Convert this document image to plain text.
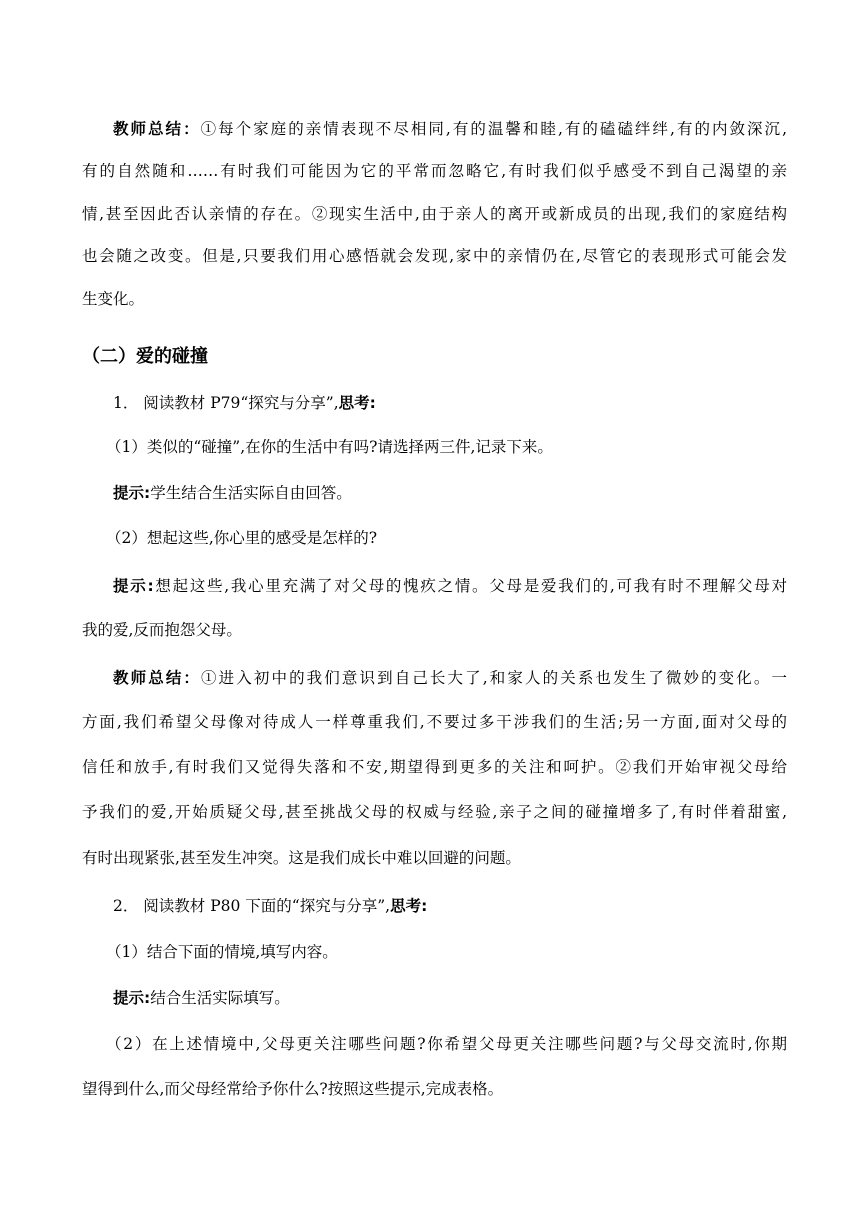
教师总结：①每个家庭的亲情表现不尽相同,有的温馨和睦,有的磕磕绊绊,有的内敛深沉,
有的自然随和……有时我们可能因为它的平常而忽略它,有时我们似乎感受不到自己渴望的亲
情,甚至因此否认亲情的存在。②现实生活中,由于亲人的离开或新成员的出现,我们的家庭结构
也会随之改变。但是,只要我们用心感悟就会发现,家中的亲情仍在,尽管它的表现形式可能会发
生变化。
（二）爱的碰撞
1． 阅读教材 P79“探究与分享”,思考:
（1）类似的“碰撞”,在你的生活中有吗?请选择两三件,记录下来。
提示:学生结合生活实际自由回答。
（2）想起这些,你心里的感受是怎样的?
提示:想起这些,我心里充满了对父母的愧疚之情。父母是爱我们的,可我有时不理解父母对
我的爱,反而抱怨父母。
教师总结：①进入初中的我们意识到自己长大了,和家人的关系也发生了微妙的变化。一
方面,我们希望父母像对待成人一样尊重我们,不要过多干涉我们的生活;另一方面,面对父母的
信任和放手,有时我们又觉得失落和不安,期望得到更多的关注和呵护。②我们开始审视父母给
予我们的爱,开始质疑父母,甚至挑战父母的权威与经验,亲子之间的碰撞增多了,有时伴着甜蜜,
有时出现紧张,甚至发生冲突。这是我们成长中难以回避的问题。
2． 阅读教材 P80 下面的“探究与分享”,思考:
（1）结合下面的情境,填写内容。
提示:结合生活实际填写。
（2）在上述情境中,父母更关注哪些问题?你希望父母更关注哪些问题?与父母交流时,你期
望得到什么,而父母经常给予你什么?按照这些提示,完成表格。
